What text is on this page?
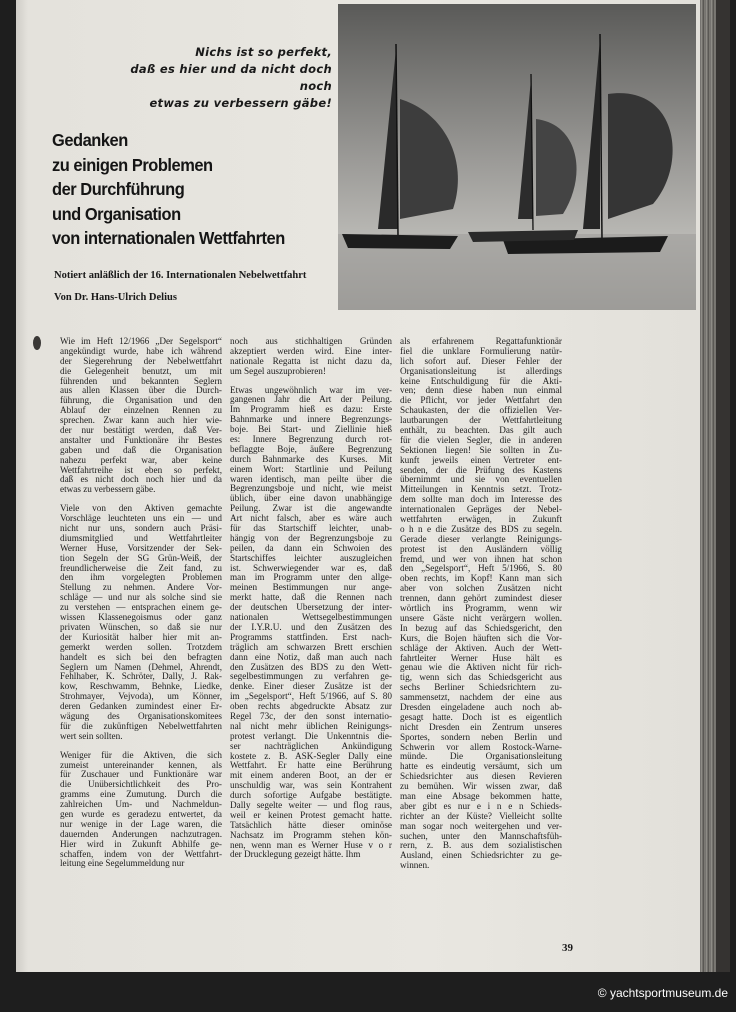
Nichs ist so perfekt,
daß es hier und da nicht doch noch
etwas zu verbessern gäbe!
Gedanken
zu einigen Problemen
der Durchführung
und Organisation
von internationalen Wettfahrten
Notiert anläßlich der 16. Internationalen Nebelwettfahrt
Von Dr. Hans-Ulrich Delius
Wie im Heft 12/1966 „Der Segelsport“
angekündigt wurde, habe ich während
der Siegerehrung der Nebelwettfahrt
die Gelegenheit benutzt, um mit
führenden und bekannten Seglern
aus allen Klassen über die Durch-
führung, die Organisation und den
Ablauf der einzelnen Rennen zu
sprechen. Zwar kann auch hier wie-
der nur bestätigt werden, daß Ver-
anstalter und Funktionäre ihr Bestes
gaben und daß die Organisation
nahezu perfekt war, aber keine
Wettfahrtreihe ist eben so perfekt,
daß es nicht doch noch hier und da
etwas zu verbessern gäbe.
Viele von den Aktiven gemachte
Vorschläge leuchteten uns ein — und
nicht nur uns, sondern auch Präsi-
diumsmitglied und Wettfahrtleiter
Werner Huse, Vorsitzender der Sek-
tion Segeln der SG Grün-Weiß, der
freundlicherweise die Zeit fand, zu
den ihm vorgelegten Problemen
Stellung zu nehmen. Andere Vor-
schläge — und nur als solche sind sie
zu verstehen — entsprachen einem ge-
wissen Klassenegoismus oder ganz
privaten Wünschen, so daß sie nur
der Kuriosität halber hier mit an-
gemerkt werden sollen. Trotzdem
handelt es sich bei den befragten
Seglern um Namen (Dehmel, Ahrendt,
Fehlhaber, K. Schröter, Dally, J. Rak-
kow, Reschwamm, Behnke, Liedke,
Strohmayer, Vejvoda), um Könner,
deren Gedanken zumindest einer Er-
wägung des Organisationskomitees
für die zukünftigen Nebelwettfahrten
wert sein sollten.
Weniger für die Aktiven, die sich
zumeist untereinander kennen, als
für Zuschauer und Funktionäre war
die Unübersichtlichkeit des Pro-
gramms eine Zumutung. Durch die
zahlreichen Um- und Nachmeldun-
gen wurde es geradezu entwertet, da
nur wenige in der Lage waren, die
dauernden Änderungen nachzutragen.
Hier wird in Zukunft Abhilfe ge-
schaffen, indem von der Wettfahrt-
leitung eine Segelummeldung nur
noch aus stichhaltigen Gründen
akzeptiert werden wird. Eine inter-
nationale Regatta ist nicht dazu da,
um Segel auszuprobieren!
Etwas ungewöhnlich war im ver-
gangenen Jahr die Art der Peilung.
Im Programm hieß es dazu: Erste
Bahnmarke und innere Begrenzungs-
boje. Bei Start- und Ziellinie hieß
es: Innere Begrenzung durch rot-
beflaggte Boje, äußere Begrenzung
durch Bahnmarke des Kurses. Mit
einem Wort: Startlinie und Peilung
waren identisch, man peilte über die
Begrenzungsboje und nicht, wie meist
üblich, über eine davon unabhängige
Peilung. Zwar ist die angewandte
Art nicht falsch, aber es wäre auch
für das Startschiff leichter, unab-
hängig von der Begrenzungsboje zu
peilen, da dann ein Schwoien des
Startschiffes leichter auszugleichen
ist. Schwerwiegender war es, daß
man im Programm unter den allge-
meinen Bestimmungen nur ange-
merkt hatte, daß die Rennen nach
der deutschen Übersetzung der inter-
nationalen Wettsegelbestimmungen
der I.Y.R.U. und den Zusätzen des
Programms stattfinden. Erst nach-
träglich am schwarzen Brett erschien
dann eine Notiz, daß man auch nach
den Zusätzen des BDS zu den Wett-
segelbestimmungen zu verfahren ge-
denke. Einer dieser Zusätze ist der
im „Segelsport“, Heft 5/1966, auf S. 80
oben rechts abgedruckte Absatz zur
Regel 73c, der den sonst internatio-
nal nicht mehr üblichen Reinigungs-
protest verlangt. Die Unkenntnis die-
ser nachträglichen Ankündigung
kostete z. B. ASK-Segler Dally eine
Wettfahrt. Er hatte eine Berührung
mit einem anderen Boot, an der er
unschuldig war, was sein Kontrahent
durch sofortige Aufgabe bestätigte.
Dally segelte weiter — und flog raus,
weil er keinen Protest gemacht hatte.
Tatsächlich hätte dieser ominöse
Nachsatz im Programm stehen kön-
nen, wenn man es Werner Huse v o r
der Drucklegung gezeigt hätte. Ihm
als erfahrenem Regattafunktionär
fiel die unklare Formulierung natür-
lich sofort auf. Dieser Fehler der
Organisationsleitung ist allerdings
keine Entschuldigung für die Akti-
ven; denn diese haben nun einmal
die Pflicht, vor jeder Wettfahrt den
Schaukasten, der die offiziellen Ver-
lautbarungen der Wettfahrtleitung
enthält, zu beachten. Das gilt auch
für die vielen Segler, die in anderen
Sektionen liegen! Sie sollten in Zu-
kunft jeweils einen Vertreter ent-
senden, der die Prüfung des Kastens
übernimmt und sie von eventuellen
Mitteilungen in Kenntnis setzt. Trotz-
dem sollte man doch im Interesse des
internationalen Gepräges der Nebel-
wettfahrten erwägen, in Zukunft
o h n e die Zusätze des BDS zu segeln.
Gerade dieser verlangte Reinigungs-
protest ist den Ausländern völlig
fremd, und wer von ihnen hat schon
den „Segelsport“, Heft 5/1966, S. 80
oben rechts, im Kopf! Kann man sich
aber von solchen Zusätzen nicht
trennen, dann gehört zumindest dieser
wörtlich ins Programm, wenn wir
unsere Gäste nicht verärgern wollen.
In bezug auf das Schiedsgericht, den
Kurs, die Bojen häuften sich die Vor-
schläge der Aktiven. Auch der Wett-
fahrtleiter Werner Huse hält es
genau wie die Aktiven nicht für rich-
tig, wenn sich das Schiedsgericht aus
sechs Berliner Schiedsrichtern zu-
sammensetzt, nachdem der eine aus
Dresden eingeladene auch noch ab-
gesagt hatte. Doch ist es eigentlich
nicht Dresden ein Zentrum unseres
Sportes, sondern neben Berlin und
Schwerin vor allem Rostock-Warne-
münde. Die Organisationsleitung
hatte es eindeutig versäumt, sich um
Schiedsrichter aus diesen Revieren
zu bemühen. Wir wissen zwar, daß
man eine Absage bekommen hatte,
aber gibt es nur e i n e n Schieds-
richter an der Küste? Vielleicht sollte
man sogar noch weitergehen und ver-
suchen, unter den Mannschaftsfüh-
rern, z. B. aus dem sozialistischen
Ausland, einen Schiedsrichter zu ge-
winnen.
39
© yachtsportmuseum.de
